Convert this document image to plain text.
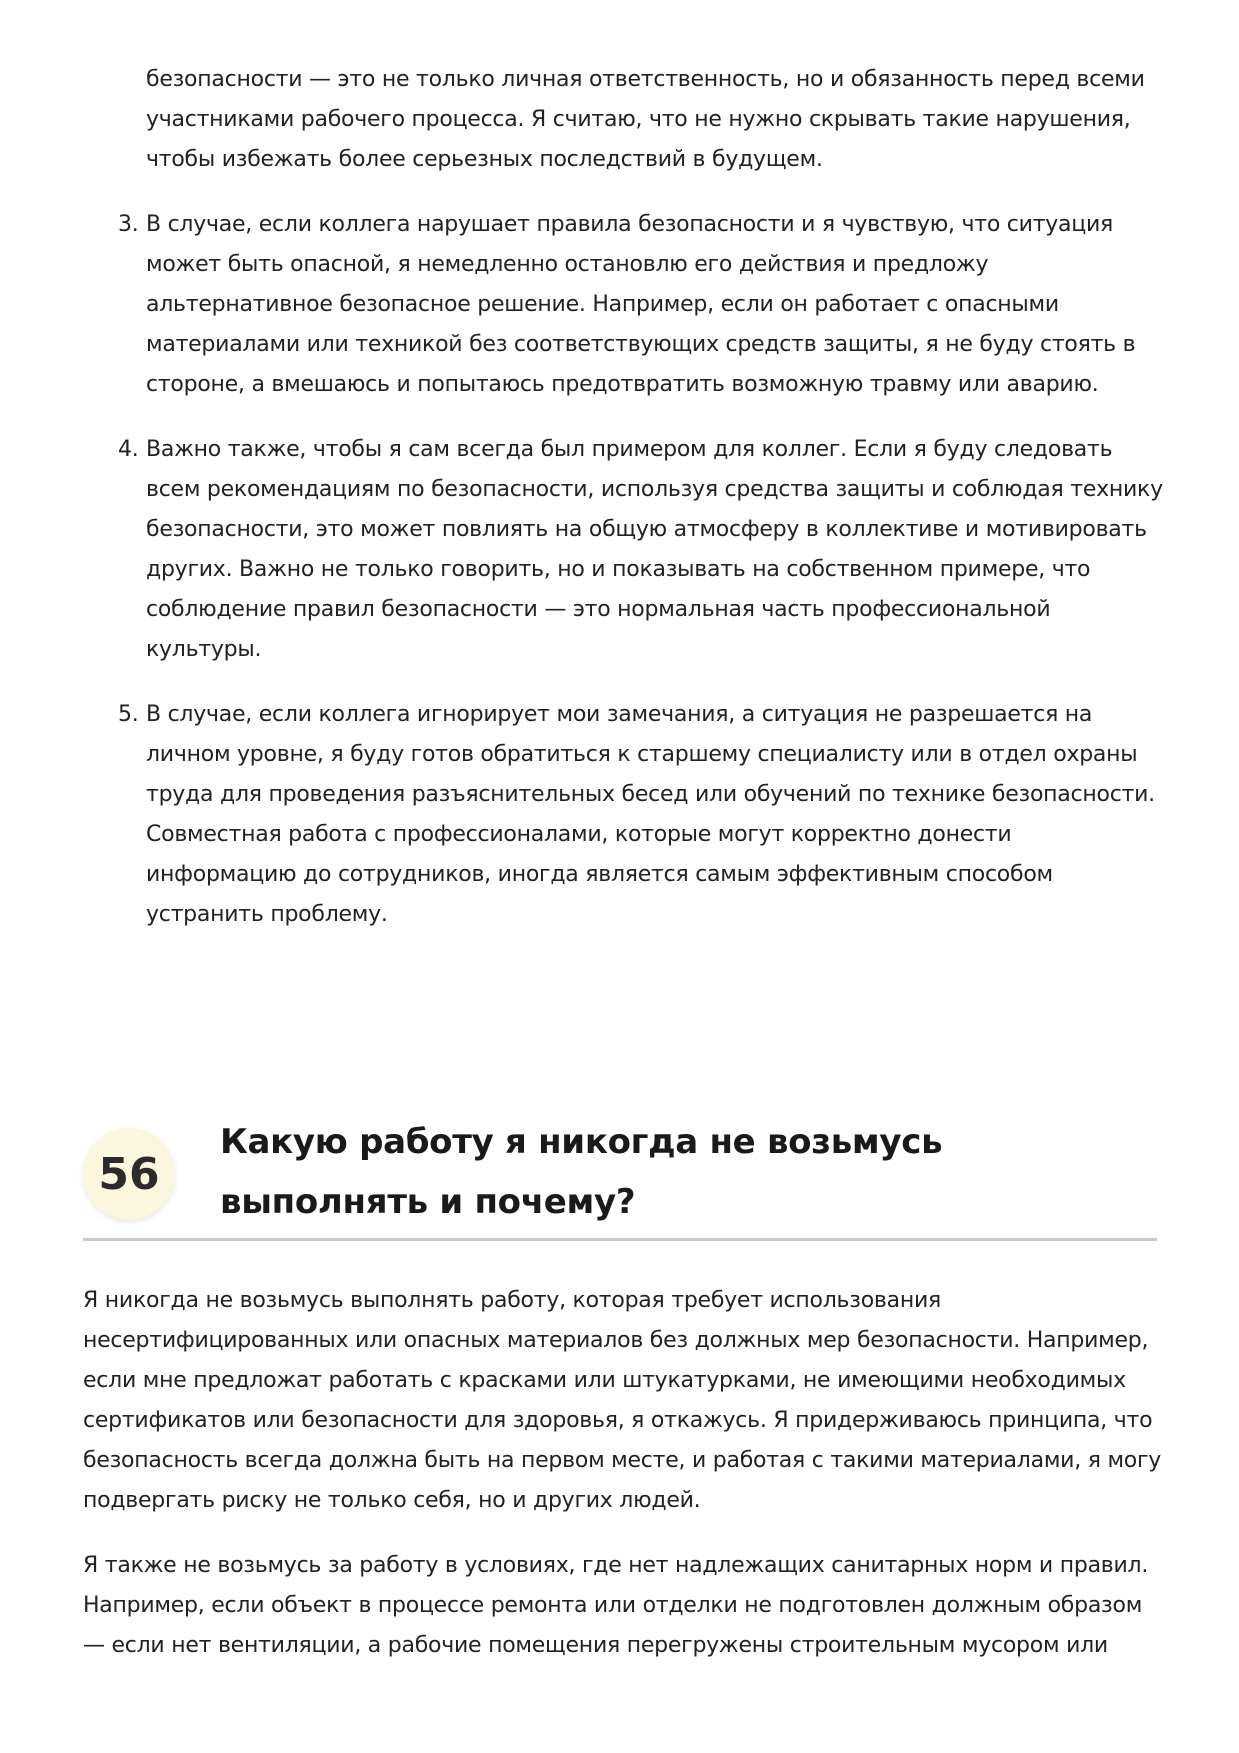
безопасности — это не только личная ответственность, но и обязанность перед всеми участниками рабочего процесса. Я считаю, что не нужно скрывать такие нарушения, чтобы избежать более серьезных последствий в будущем.

3. В случае, если коллега нарушает правила безопасности и я чувствую, что ситуация может быть опасной, я немедленно остановлю его действия и предложу альтернативное безопасное решение. Например, если он работает с опасными материалами или техникой без соответствующих средств защиты, я не буду стоять в стороне, а вмешаюсь и попытаюсь предотвратить возможную травму или аварию.
4. Важно также, чтобы я сам всегда был примером для коллег. Если я буду следовать всем рекомендациям по безопасности, используя средства защиты и соблюдая технику безопасности, это может повлиять на общую атмосферу в коллективе и мотивировать других. Важно не только говорить, но и показывать на собственном примере, что соблюдение правил безопасности — это нормальная часть профессиональной культуры.
5. В случае, если коллега игнорирует мои замечания, а ситуация не разрешается на личном уровне, я буду готов обратиться к старшему специалисту или в отдел охраны труда для проведения разъяснительных бесед или обучений по технике безопасности. Совместная работа с профессионалами, которые могут корректно донести информацию до сотрудников, иногда является самым эффективным способом устранить проблему.
56
Какую работу я никогда не возьмусь выполнять и почему?

Я никогда не возьмусь выполнять работу, которая требует использования несертифицированных или опасных материалов без должных мер безопасности. Например, если мне предложат работать с красками или штукатурками, не имеющими необходимых сертификатов или безопасности для здоровья, я откажусь. Я придерживаюсь принципа, что безопасность всегда должна быть на первом месте, и работая с такими материалами, я могу подвергать риску не только себя, но и других людей.

Я также не возьмусь за работу в условиях, где нет надлежащих санитарных норм и правил. Например, если объект в процессе ремонта или отделки не подготовлен должным образом — если нет вентиляции, а рабочие помещения перегружены строительным мусором или
